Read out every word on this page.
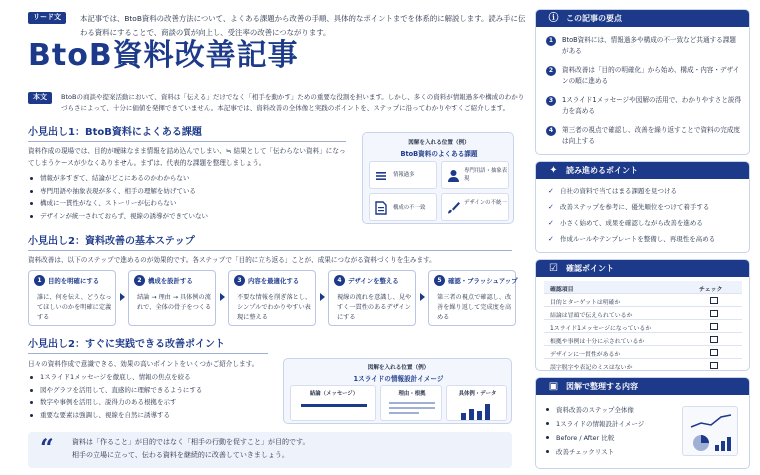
リード文	本記事では、BtoB資料の改善方法について、よくある課題から改善の手順、具体的なポイントまでを体系的に解説します。読み手に伝わる資料にすることで、商談の質が向上し、受注率の改善につながります。
BtoB資料改善記事
本文	BtoBの商談や提案活動において、資料は「伝える」だけでなく「相手を動かす」ための重要な役割を担います。しかし、多くの資料が情報過多や構成のわかりづらさによって、十分に価値を発揮できていません。本記事では、資料改善の全体像と実践のポイントを、ステップに沿ってわかりやすくご紹介します。
小見出し1：BtoB資料によくある課題
資料作成の現場では、目的が曖昧なまま情報を詰め込んでしまい、≒ 結果として「伝わらない資料」になってしまうケースが少なくありません。まずは、代表的な課題を整理しましょう。
情報が多すぎて、結論がどこにあるのかわからない
専門用語や抽象表現が多く、相手の理解を妨げている
構成に一貫性がなく、ストーリーが伝わらない
デザインが統一されておらず、視線の誘導ができていない
図解を入れる位置（例）
BtoB資料のよくある課題
情報過多
専門用語・抽象表現
構成の不一致
デザインの不統一
小見出し2：資料改善の基本ステップ
資料改善は、以下のステップで進めるのが効果的です。各ステップで「目的に立ち返る」ことが、成果につながる資料づくりを生みます。
1	目的を明確にする
誰に、何を伝え、どうなってほしいのかを明確に定義する
2	構成を設計する
結論 → 理由 → 具体例の流れで、全体の骨子をつくる
3	内容を最適化する
不要な情報を削ぎ落とし、シンプルでわかりやすい表現に整える
4	デザインを整える
視線の流れを意識し、見やすく一貫性のあるデザインにする
5	確認・ブラッシュアップ
第三者の視点で確認し、改善を繰り返して完成度を高める
小見出し2：すぐに実践できる改善ポイント
日々の資料作成で意識できる、効果の高いポイントをいくつかご紹介します。
1スライド1メッセージを徹底し、情報の焦点を絞る
図やグラフを活用して、直感的に理解できるようにする
数字や事例を活用し、説得力のある根拠を示す
重要な要素は強調し、視線を自然に誘導する
図解を入れる位置（例）
1スライドの情報設計イメージ
結論（メッセージ）	理由・根拠	具体例・データ
“	資料は「作ること」が目的ではなく「相手の行動を促すこと」が目的です。
相手の立場に立って、伝わる資料を継続的に改善していきましょう。
ⓘ この記事の要点
1	BtoB資料には、情報過多や構成の不一致など共通する課題がある
2	資料改善は「目的の明確化」から始め、構成・内容・デザインの順に進める
3	1スライド1メッセージや図解の活用で、わかりやすさと説得力を高める
4	第三者の視点で確認し、改善を繰り返すことで資料の完成度は向上する
✦ 読み進めるポイント
✓ 自社の資料で当てはまる課題を見つける
✓ 改善ステップを参考に、優先順位をつけて着手する
✓ 小さく始めて、成果を確認しながら改善を進める
✓ 作成ルールやテンプレートを整備し、再現性を高める
☑ 確認ポイント
確認項目	チェック
目的とターゲットは明確か
結論は冒頭で伝えられているか
1スライド1メッセージになっているか
根拠や事例は十分に示されているか
デザインに一貫性があるか
誤字脱字や表記のミスはないか
▣ 図解で整理する内容
資料改善のステップ全体像
1スライドの情報設計イメージ
Before / After 比較
改善チェックリスト
